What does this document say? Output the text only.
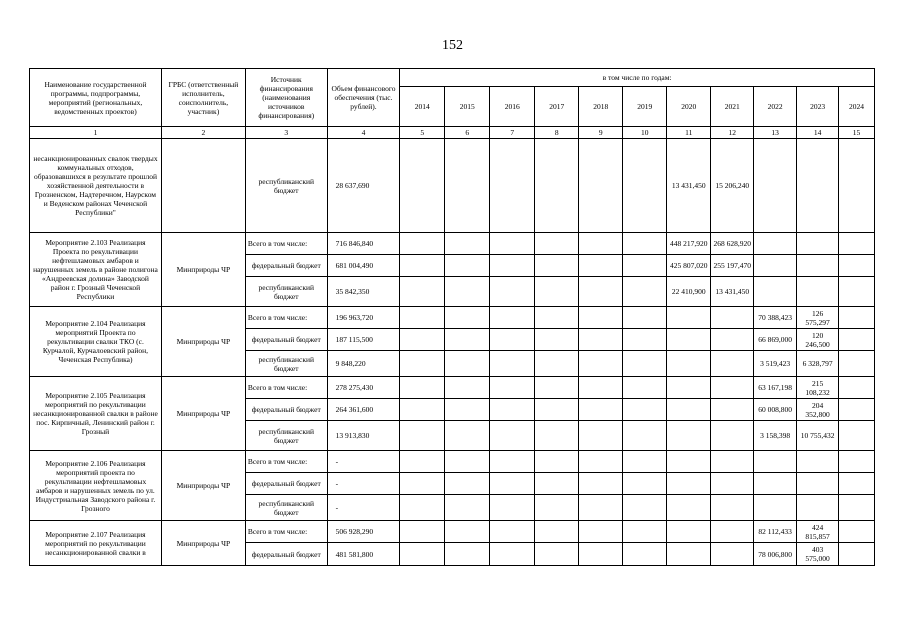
152
Наименование государственной программы, подпрограммы, мероприятий (региональных, ведомственных проектов)	ГРБС (ответственный исполнитель, соисполнитель, участник)	Источник финансирования (наименования источников финансирования)	Объем финансового обеспечения (тыс. рублей).	в том числе по годам:										
				2014	2015	2016	2017	2018	2019	2020	2021	2022	2023	2024
1	2	3	4	5	6	7	8	9	10	11	12	13	14	15
несанкционированных свалок твердых коммунальных отходов, образовавшихся в результате прошлой хозяйственной деятельности в Грозненском, Надтеречном, Наурском и Веденском районах Чеченской Республики"		республиканский бюджет	28 637,690							13 431,450	15 206,240			
Мероприятие 2.103 Реализация Проекта по рекультивации нефтешламовых амбаров и нарушенных земель в районе полигона «Андреевская долина» Заводской район г. Грозный Чеченской Республики	Минприроды ЧР	Всего в том числе:	716 846,840							448 217,920	268 628,920			
		федеральный бюджет	681 004,490							425 807,020	255 197,470			
		республиканский бюджет	35 842,350							22 410,900	13 431,450			
Мероприятие 2.104 Реализация мероприятий Проекта по рекультивации свалки ТКО (с. Курчалой, Курчалоевский район, Чеченская Республика)	Минприроды ЧР	Всего в том числе:	196 963,720									70 388,423	126 575,297	
		федеральный бюджет	187 115,500									66 869,000	120 246,500	
		республиканский бюджет	9 848,220									3 519,423	6 328,797	
Мероприятие 2.105 Реализация мероприятий по рекультивации несанкционированной свалки в районе пос. Кирпичный, Ленинский район г. Грозный	Минприроды ЧР	Всего в том числе:	278 275,430									63 167,198	215 108,232	
		федеральный бюджет	264 361,600									60 008,800	204 352,800	
		республиканский бюджет	13 913,830									3 158,398	10 755,432	
Мероприятие 2.106 Реализация мероприятий проекта по рекультивации нефтешламовых амбаров и нарушенных земель по ул. Индустриальная Заводского района г. Грозного	Минприроды ЧР	Всего в том числе:	-											
		федеральный бюджет	-											
		республиканский бюджет	-											
Мероприятие 2.107 Реализация мероприятий по рекультивации несанкционированной свалки в	Минприроды ЧР	Всего в том числе:	506 928,290									82 112,433	424 815,857	
		федеральный бюджет	481 581,800									78 006,800	403 575,000	
